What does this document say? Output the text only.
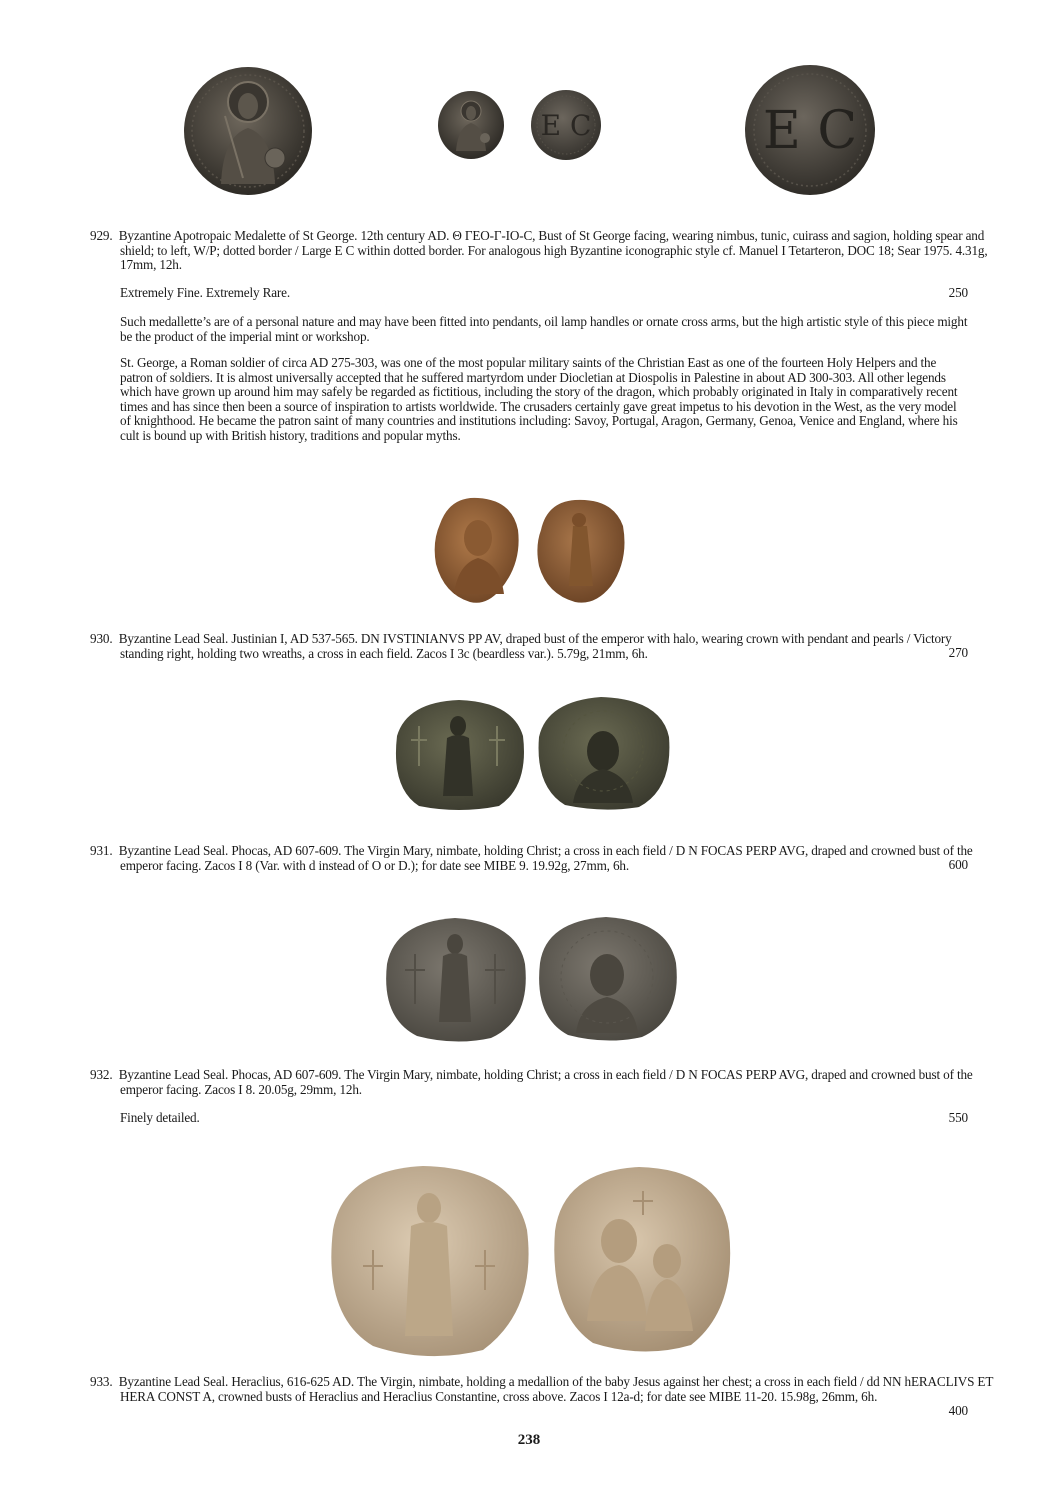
E C	E C
929. Byzantine Apotropaic Medalette of St George. 12th century AD. Θ ΓΕΟ-Γ-ΙΟ-C, Bust of St George facing, wearing nimbus, tunic, cuirass and sagion, holding spear and shield; to left, W/P; dotted border / Large E C within dotted border. For analogous high Byzantine iconographic style cf. Manuel I Tetarteron, DOC 18; Sear 1975. 4.31g, 17mm, 12h.
Extremely Fine. Extremely Rare.	250
Such medallette’s are of a personal nature and may have been fitted into pendants, oil lamp handles or ornate cross arms, but the high artistic style of this piece might be the product of the imperial mint or workshop.
St. George, a Roman soldier of circa AD 275-303, was one of the most popular military saints of the Christian East as one of the fourteen Holy Helpers and the patron of soldiers. It is almost universally accepted that he suffered martyrdom under Diocletian at Diospolis in Palestine in about AD 300-303. All other legends which have grown up around him may safely be regarded as fictitious, including the story of the dragon, which probably originated in Italy in comparatively recent times and has since then been a source of inspiration to artists worldwide. The crusaders certainly gave great impetus to his devotion in the West, as the very model of knighthood. He became the patron saint of many countries and institutions including: Savoy, Portugal, Aragon, Germany, Genoa, Venice and England, where his cult is bound up with British history, traditions and popular myths.
930. Byzantine Lead Seal. Justinian I, AD 537-565. DN IVSTINIANVS PP AV, draped bust of the emperor with halo, wearing crown with pendant and pearls / Victory standing right, holding two wreaths, a cross in each field. Zacos I 3c (beardless var.). 5.79g, 21mm, 6h.	270
931. Byzantine Lead Seal. Phocas, AD 607-609. The Virgin Mary, nimbate, holding Christ; a cross in each field / D N FOCAS PERP AVG, draped and crowned bust of the emperor facing. Zacos I 8 (Var. with d instead of O or D.); for date see MIBE 9. 19.92g, 27mm, 6h.	600
932. Byzantine Lead Seal. Phocas, AD 607-609. The Virgin Mary, nimbate, holding Christ; a cross in each field / D N FOCAS PERP AVG, draped and crowned bust of the emperor facing. Zacos I 8. 20.05g, 29mm, 12h.
Finely detailed.	550
933. Byzantine Lead Seal. Heraclius, 616-625 AD. The Virgin, nimbate, holding a medallion of the baby Jesus against her chest; a cross in each field / dd NN hERACLIVS ET HERA CONST A, crowned busts of Heraclius and Heraclius Constantine, cross above. Zacos I 12a-d; for date see MIBE 11-20. 15.98g, 26mm, 6h.
400
238
